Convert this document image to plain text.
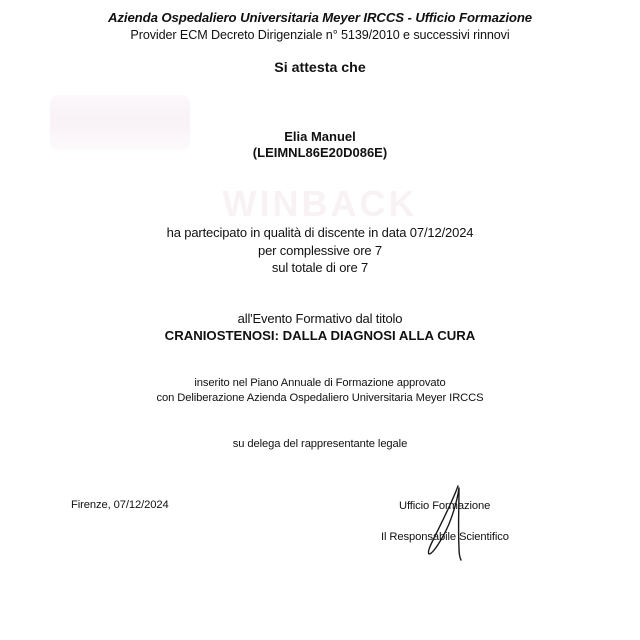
WINBACK
Azienda Ospedaliero Universitaria Meyer IRCCS - Ufficio Formazione
Provider ECM Decreto Dirigenziale n° 5139/2010 e successivi rinnovi
Si attesta che
Elia Manuel
(LEIMNL86E20D086E)
ha partecipato in qualità di discente in data 07/12/2024
per complessive ore 7
sul totale di ore 7
all'Evento Formativo dal titolo
CRANIOSTENOSI: DALLA DIAGNOSI ALLA CURA
inserito nel Piano Annuale di Formazione approvato
con Deliberazione Azienda Ospedaliero Universitaria Meyer IRCCS
su delega del rappresentante legale
Firenze, 07/12/2024	Ufficio Formazione
Il Responsabile Scientifico
